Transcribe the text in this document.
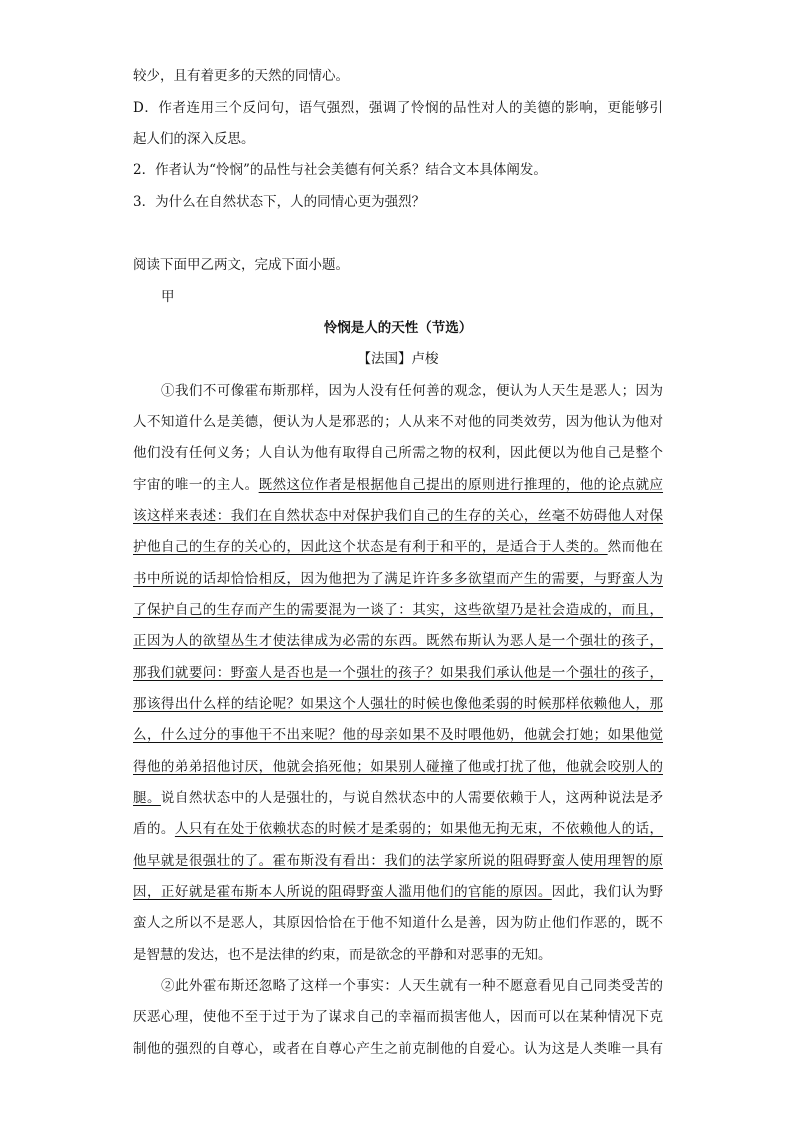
较少，且有着更多的天然的同情心。
D．作者连用三个反问句，语气强烈，强调了怜悯的品性对人的美德的影响，更能够引
起人们的深入反思。
2．作者认为“怜悯”的品性与社会美德有何关系？结合文本具体阐发。
3．为什么在自然状态下，人的同情心更为强烈？
阅读下面甲乙两文，完成下面小题。
甲
怜悯是人的天性（节选）
【法国】卢梭
①我们不可像霍布斯那样，因为人没有任何善的观念，便认为人天生是恶人；因为
人不知道什么是美德，便认为人是邪恶的；人从来不对他的同类效劳，因为他认为他对
他们没有任何义务；人自认为他有取得自己所需之物的权利，因此便以为他自己是整个
宇宙的唯一的主人。既然这位作者是根据他自己提出的原则进行推理的，他的论点就应
该这样来表述：我们在自然状态中对保护我们自己的生存的关心，丝毫不妨碍他人对保
护他自己的生存的关心的，因此这个状态是有利于和平的，是适合于人类的。然而他在
书中所说的话却恰恰相反，因为他把为了满足许许多多欲望而产生的需要，与野蛮人为
了保护自己的生存而产生的需要混为一谈了：其实，这些欲望乃是社会造成的，而且，
正因为人的欲望丛生才使法律成为必需的东西。既然布斯认为恶人是一个强壮的孩子，
那我们就要问：野蛮人是否也是一个强壮的孩子？如果我们承认他是一个强壮的孩子，
那该得出什么样的结论呢？如果这个人强壮的时候也像他柔弱的时候那样依赖他人，那
么，什么过分的事他干不出来呢？他的母亲如果不及时喂他奶，他就会打她；如果他觉
得他的弟弟招他讨厌，他就会掐死他；如果别人碰撞了他或打扰了他，他就会咬别人的
腿。说自然状态中的人是强壮的，与说自然状态中的人需要依赖于人，这两种说法是矛
盾的。人只有在处于依赖状态的时候才是柔弱的；如果他无拘无束，不依赖他人的话，
他早就是很强壮的了。霍布斯没有看出：我们的法学家所说的阻碍野蛮人使用理智的原
因，正好就是霍布斯本人所说的阻碍野蛮人滥用他们的官能的原因。因此，我们认为野
蛮人之所以不是恶人，其原因恰恰在于他不知道什么是善，因为防止他们作恶的，既不
是智慧的发达，也不是法律的约束，而是欲念的平静和对恶事的无知。
②此外霍布斯还忽略了这样一个事实：人天生就有一种不愿意看见自己同类受苦的
厌恶心理，使他不至于过于为了谋求自己的幸福而损害他人，因而可以在某种情况下克
制他的强烈的自尊心，或者在自尊心产生之前克制他的自爱心。认为这是人类唯一具有
